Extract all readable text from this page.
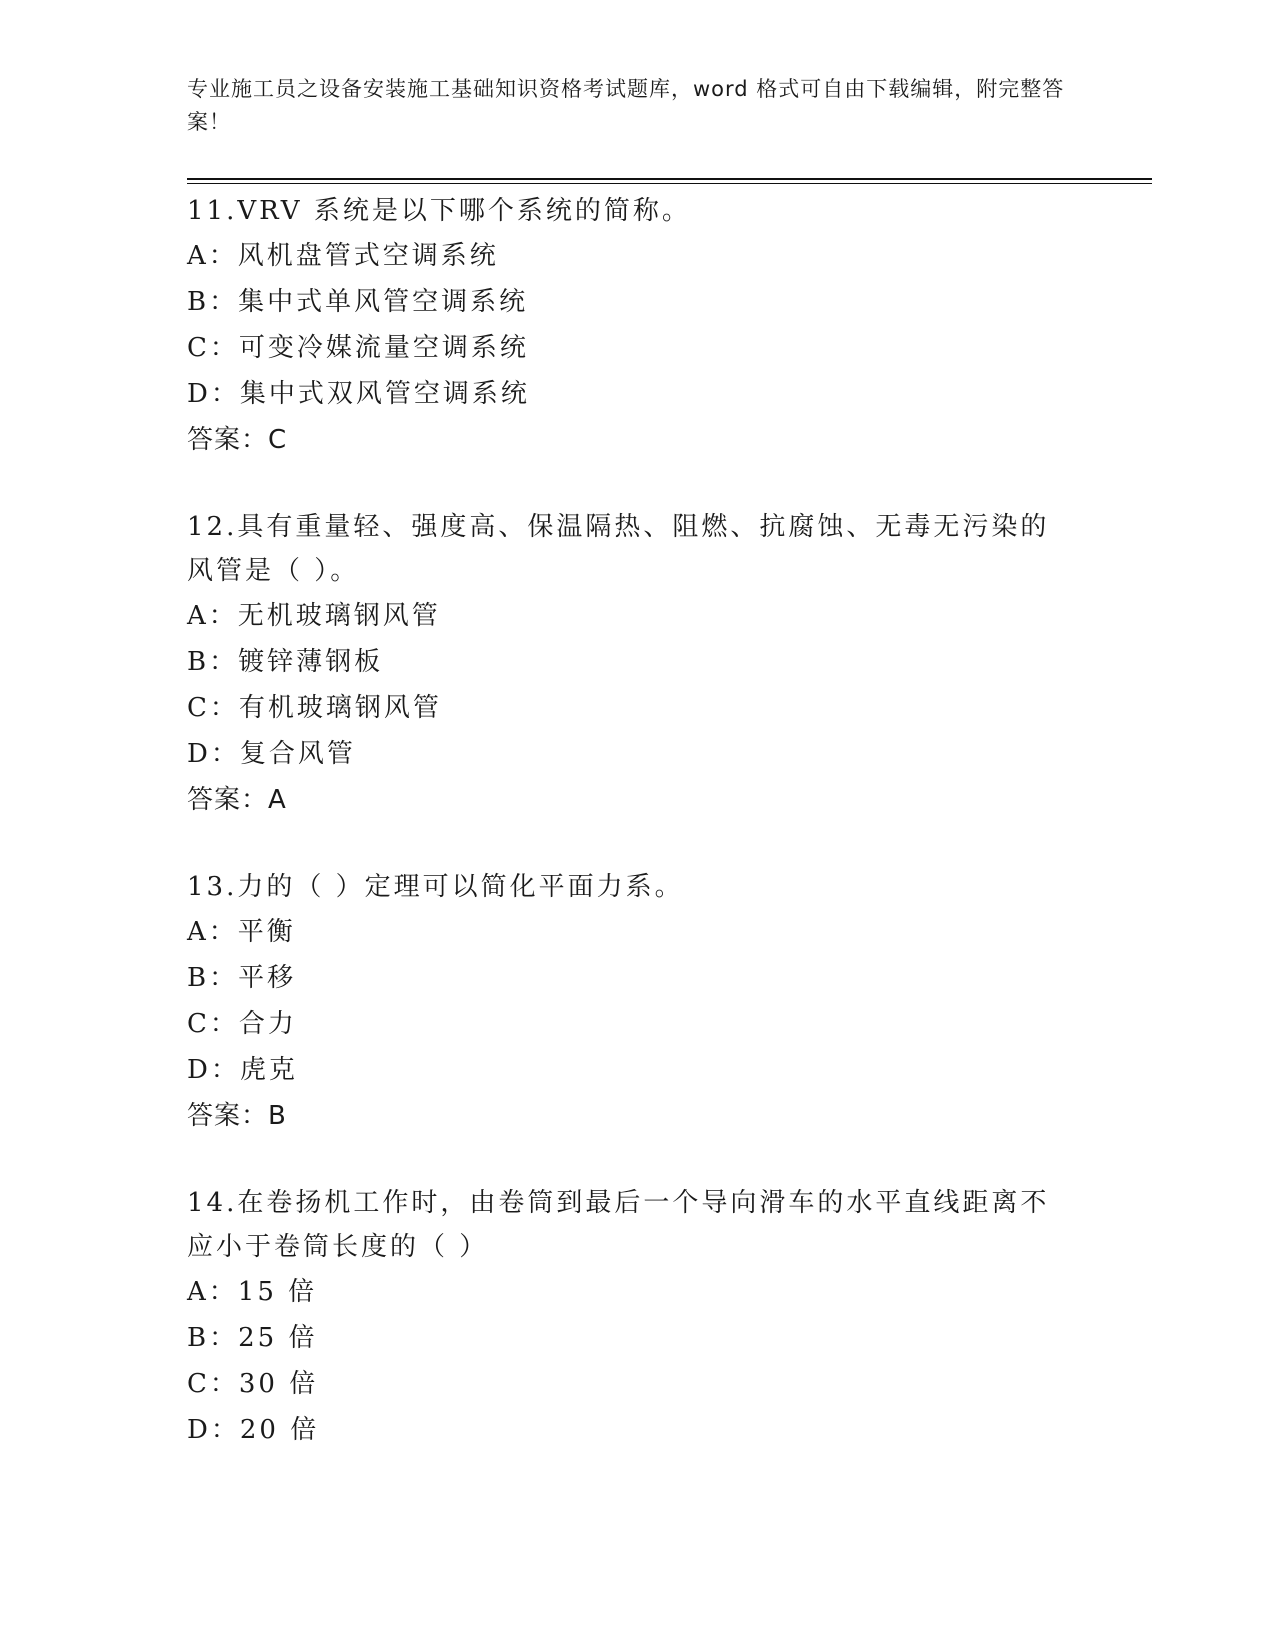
专业施工员之设备安装施工基础知识资格考试题库，word 格式可自由下载编辑，附完整答案！
11.VRV 系统是以下哪个系统的简称。
A：风机盘管式空调系统
B：集中式单风管空调系统
C：可变冷媒流量空调系统
D：集中式双风管空调系统
答案：C
12.具有重量轻、强度高、保温隔热、阻燃、抗腐蚀、无毒无污染的风管是（ ）。
A：无机玻璃钢风管
B：镀锌薄钢板
C：有机玻璃钢风管
D：复合风管
答案：A
13.力的（ ）定理可以简化平面力系。
A：平衡
B：平移
C：合力
D：虎克
答案：B
14.在卷扬机工作时，由卷筒到最后一个导向滑车的水平直线距离不应小于卷筒长度的（ ）
A：15 倍
B：25 倍
C：30 倍
D：20 倍
